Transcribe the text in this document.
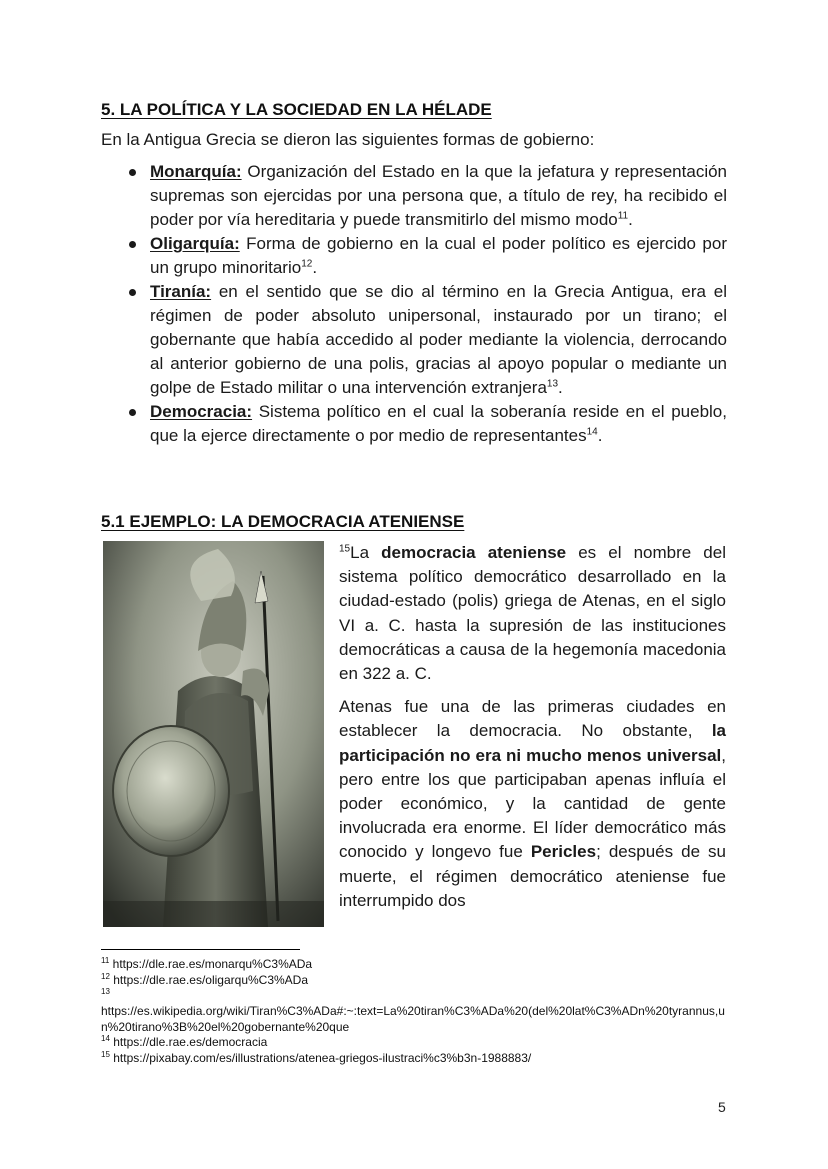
5. LA POLÍTICA Y LA SOCIEDAD EN LA HÉLADE

En la Antigua Grecia se dieron las siguientes formas de gobierno:

Monarquía: Organización del Estado en la que la jefatura y representación supremas son ejercidas por una persona que, a título de rey, ha recibido el poder por vía hereditaria y puede transmitirlo del mismo modo$^{11}$.
Oligarquía: Forma de gobierno en la cual el poder político es ejercido por un grupo minoritario$^{12}$.
Tiranía: en el sentido que se dio al término en la Grecia Antigua, era el régimen de poder absoluto unipersonal, instaurado por un tirano; el gobernante que había accedido al poder mediante la violencia, derrocando al anterior gobierno de una polis, gracias al apoyo popular o mediante un golpe de Estado militar o una intervención extranjera$^{13}$.
Democracia: Sistema político en el cual la soberanía reside en el pueblo, que la ejerce directamente o por medio de representantes$^{14}$.
5.1 EJEMPLO: LA DEMOCRACIA ATENIENSE

$^{15}$La democracia ateniense es el nombre del sistema político democrático desarrollado en la ciudad-estado (polis) griega de Atenas, en el siglo VI a. C. hasta la supresión de las instituciones democráticas a causa de la hegemonía macedonia en 322 a. C.

Atenas fue una de las primeras ciudades en establecer la democracia. No obstante, la participación no era ni mucho menos universal, pero entre los que participaban apenas influía el poder económico, y la cantidad de gente involucrada era enorme. El líder democrático más conocido y longevo fue Pericles; después de su muerte, el régimen democrático ateniense fue interrumpido dos

$^{11}$ https://dle.rae.es/monarqu%C3%ADa

$^{12}$ https://dle.rae.es/oligarqu%C3%ADa

$^{13}$

https://es.wikipedia.org/wiki/Tiran%C3%ADa#:~:text=La%20tiran%C3%ADa%20(del%20lat%C3%ADn%20tyrannus,un%20tirano%3B%20el%20gobernante%20que

$^{14}$ https://dle.rae.es/democracia

$^{15}$ https://pixabay.com/es/illustrations/atenea-griegos-ilustraci%c3%b3n-1988883/

5
